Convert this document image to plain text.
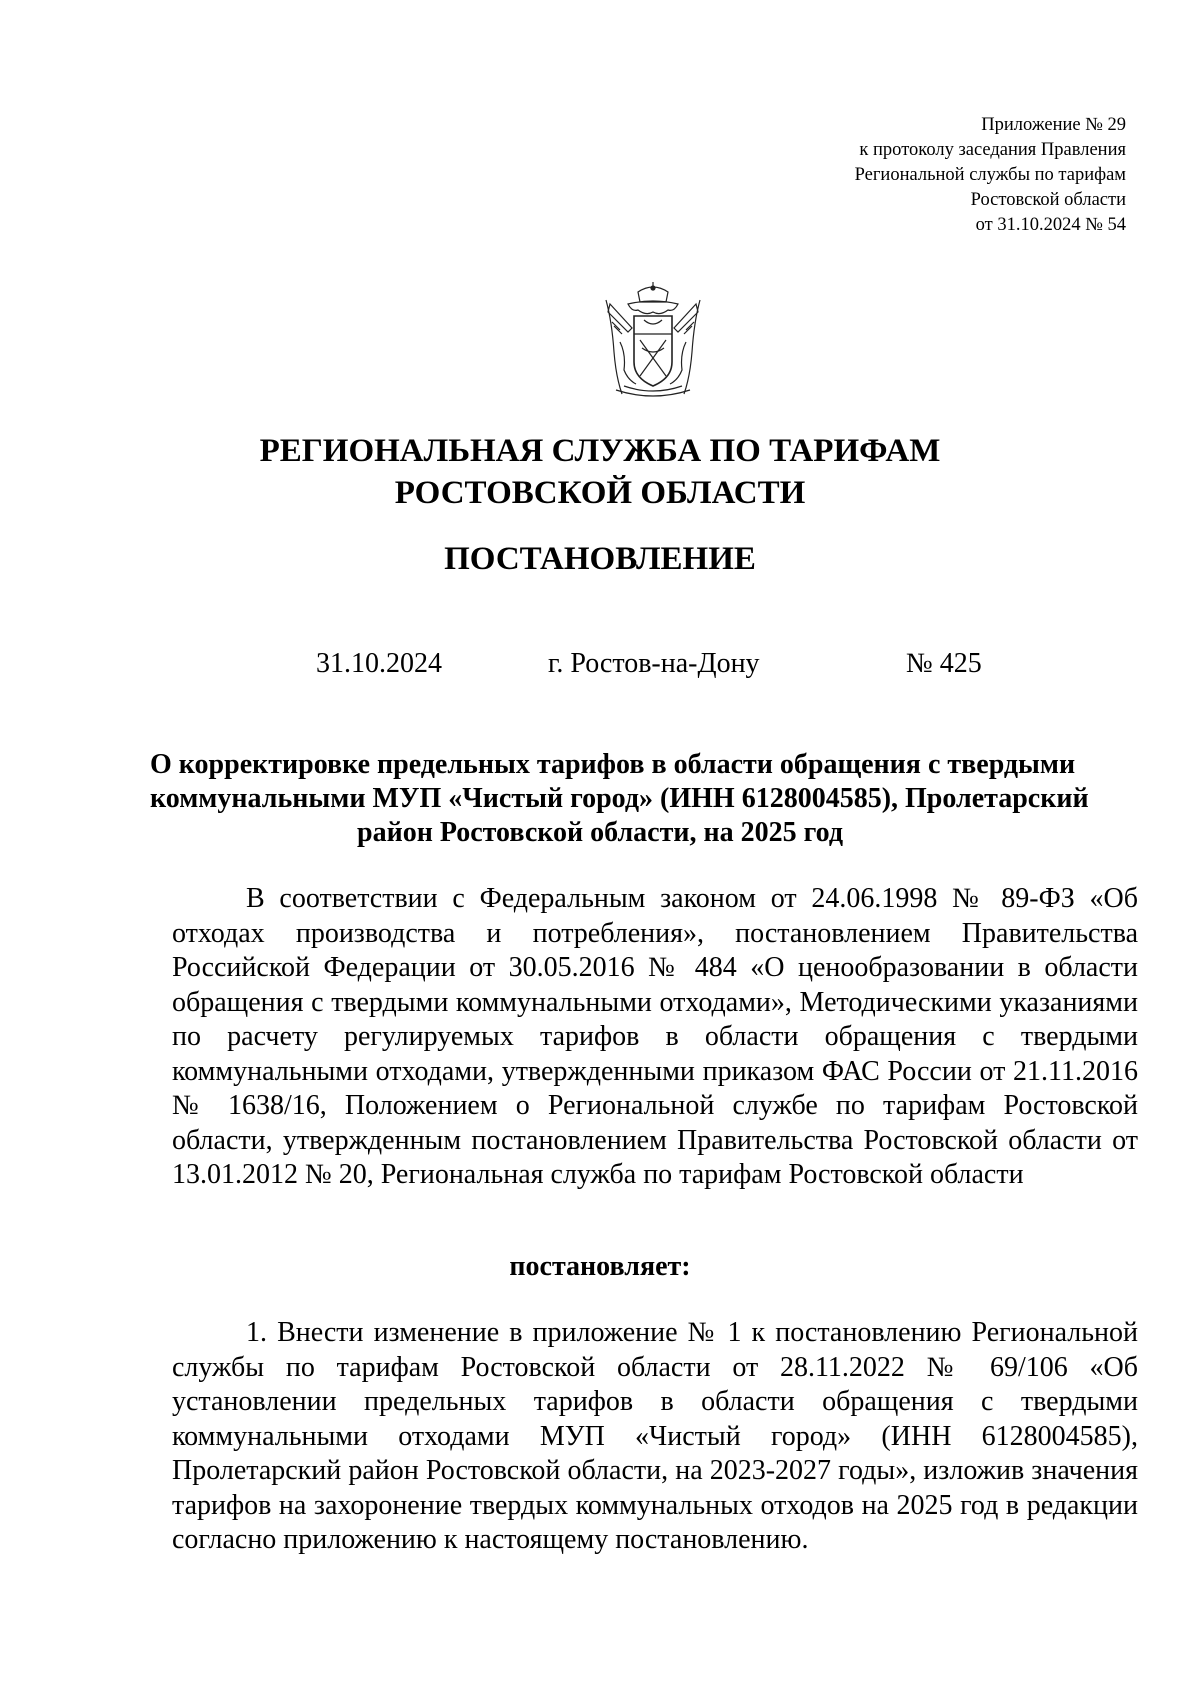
Приложение № 29
к протоколу заседания Правления
Региональной службы по тарифам
Ростовской области
от 31.10.2024 № 54
РЕГИОНАЛЬНАЯ СЛУЖБА ПО ТАРИФАМ
РОСТОВСКОЙ ОБЛАСТИ
ПОСТАНОВЛЕНИЕ
31.10.2024	г. Ростов-на-Дону	№ 425
О корректировке предельных тарифов в области обращения с твердыми
коммунальными МУП «Чистый город» (ИНН 6128004585), Пролетарский
район Ростовской области, на 2025 год

В соответствии с Федеральным законом от 24.06.1998 № 89-ФЗ «Об отходах производства и потребления», постановлением Правительства Российской Федерации от 30.05.2016 № 484 «О ценообразовании в области обращения с твердыми коммунальными отходами», Методическими указаниями по расчету регулируемых тарифов в области обращения с твердыми коммунальными отходами, утвержденными приказом ФАС России от 21.11.2016 № 1638/16, Положением о Региональной службе по тарифам Ростовской области, утвержденным постановлением Правительства Ростовской области от 13.01.2012 № 20, Региональная служба по тарифам Ростовской области

постановляет:

1. Внести изменение в приложение № 1 к постановлению Региональной службы по тарифам Ростовской области от 28.11.2022 № 69/106 «Об установлении предельных тарифов в области обращения с твердыми коммунальными отходами МУП «Чистый город» (ИНН 6128004585), Пролетарский район Ростовской области, на 2023-2027 годы», изложив значения тарифов на захоронение твердых коммунальных отходов на 2025 год в редакции согласно приложению к настоящему постановлению.
